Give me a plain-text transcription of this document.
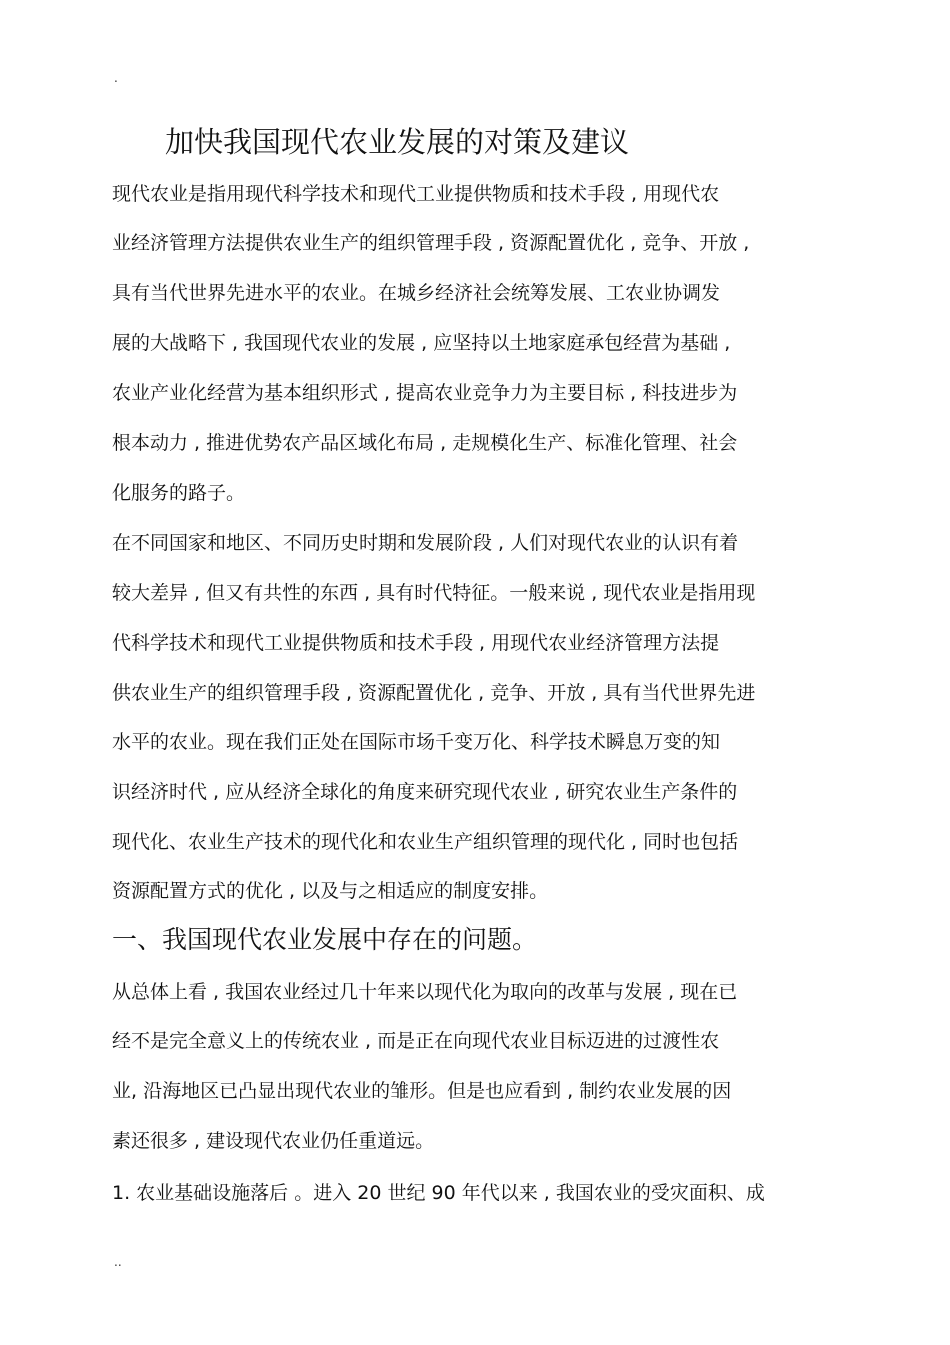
.
加快我国现代农业发展的对策及建议
现代农业是指用现代科学技术和现代工业提供物质和技术手段 , 用现代农
业经济管理方法提供农业生产的组织管理手段 , 资源配置优化 , 竞争、开放 ,
具有当代世界先进水平的农业。在城乡经济社会统筹发展、工农业协调发
展的大战略下 , 我国现代农业的发展 , 应坚持以土地家庭承包经营为基础 ,
农业产业化经营为基本组织形式 , 提高农业竞争力为主要目标 , 科技进步为
根本动力 , 推进优势农产品区域化布局 , 走规模化生产、标准化管理、社会
化服务的路子。
在不同国家和地区、不同历史时期和发展阶段 , 人们对现代农业的认识有着
较大差异 , 但又有共性的东西 , 具有时代特征。一般来说 , 现代农业是指用现
代科学技术和现代工业提供物质和技术手段 , 用现代农业经济管理方法提
供农业生产的组织管理手段 , 资源配置优化 , 竞争、开放 , 具有当代世界先进
水平的农业。现在我们正处在国际市场千变万化、科学技术瞬息万变的知
识经济时代 , 应从经济全球化的角度来研究现代农业 , 研究农业生产条件的
现代化、农业生产技术的现代化和农业生产组织管理的现代化 , 同时也包括
资源配置方式的优化 , 以及与之相适应的制度安排。
一、我国现代农业发展中存在的问题。
从总体上看 , 我国农业经过几十年来以现代化为取向的改革与发展 , 现在已
经不是完全意义上的传统农业 , 而是正在向现代农业目标迈进的过渡性农
业, 沿海地区已凸显出现代农业的雏形。但是也应看到 , 制约农业发展的因
素还很多 , 建设现代农业仍任重道远。
1. 农业基础设施落后 。进入 20 世纪 90 年代以来 , 我国农业的受灾面积、成
..
